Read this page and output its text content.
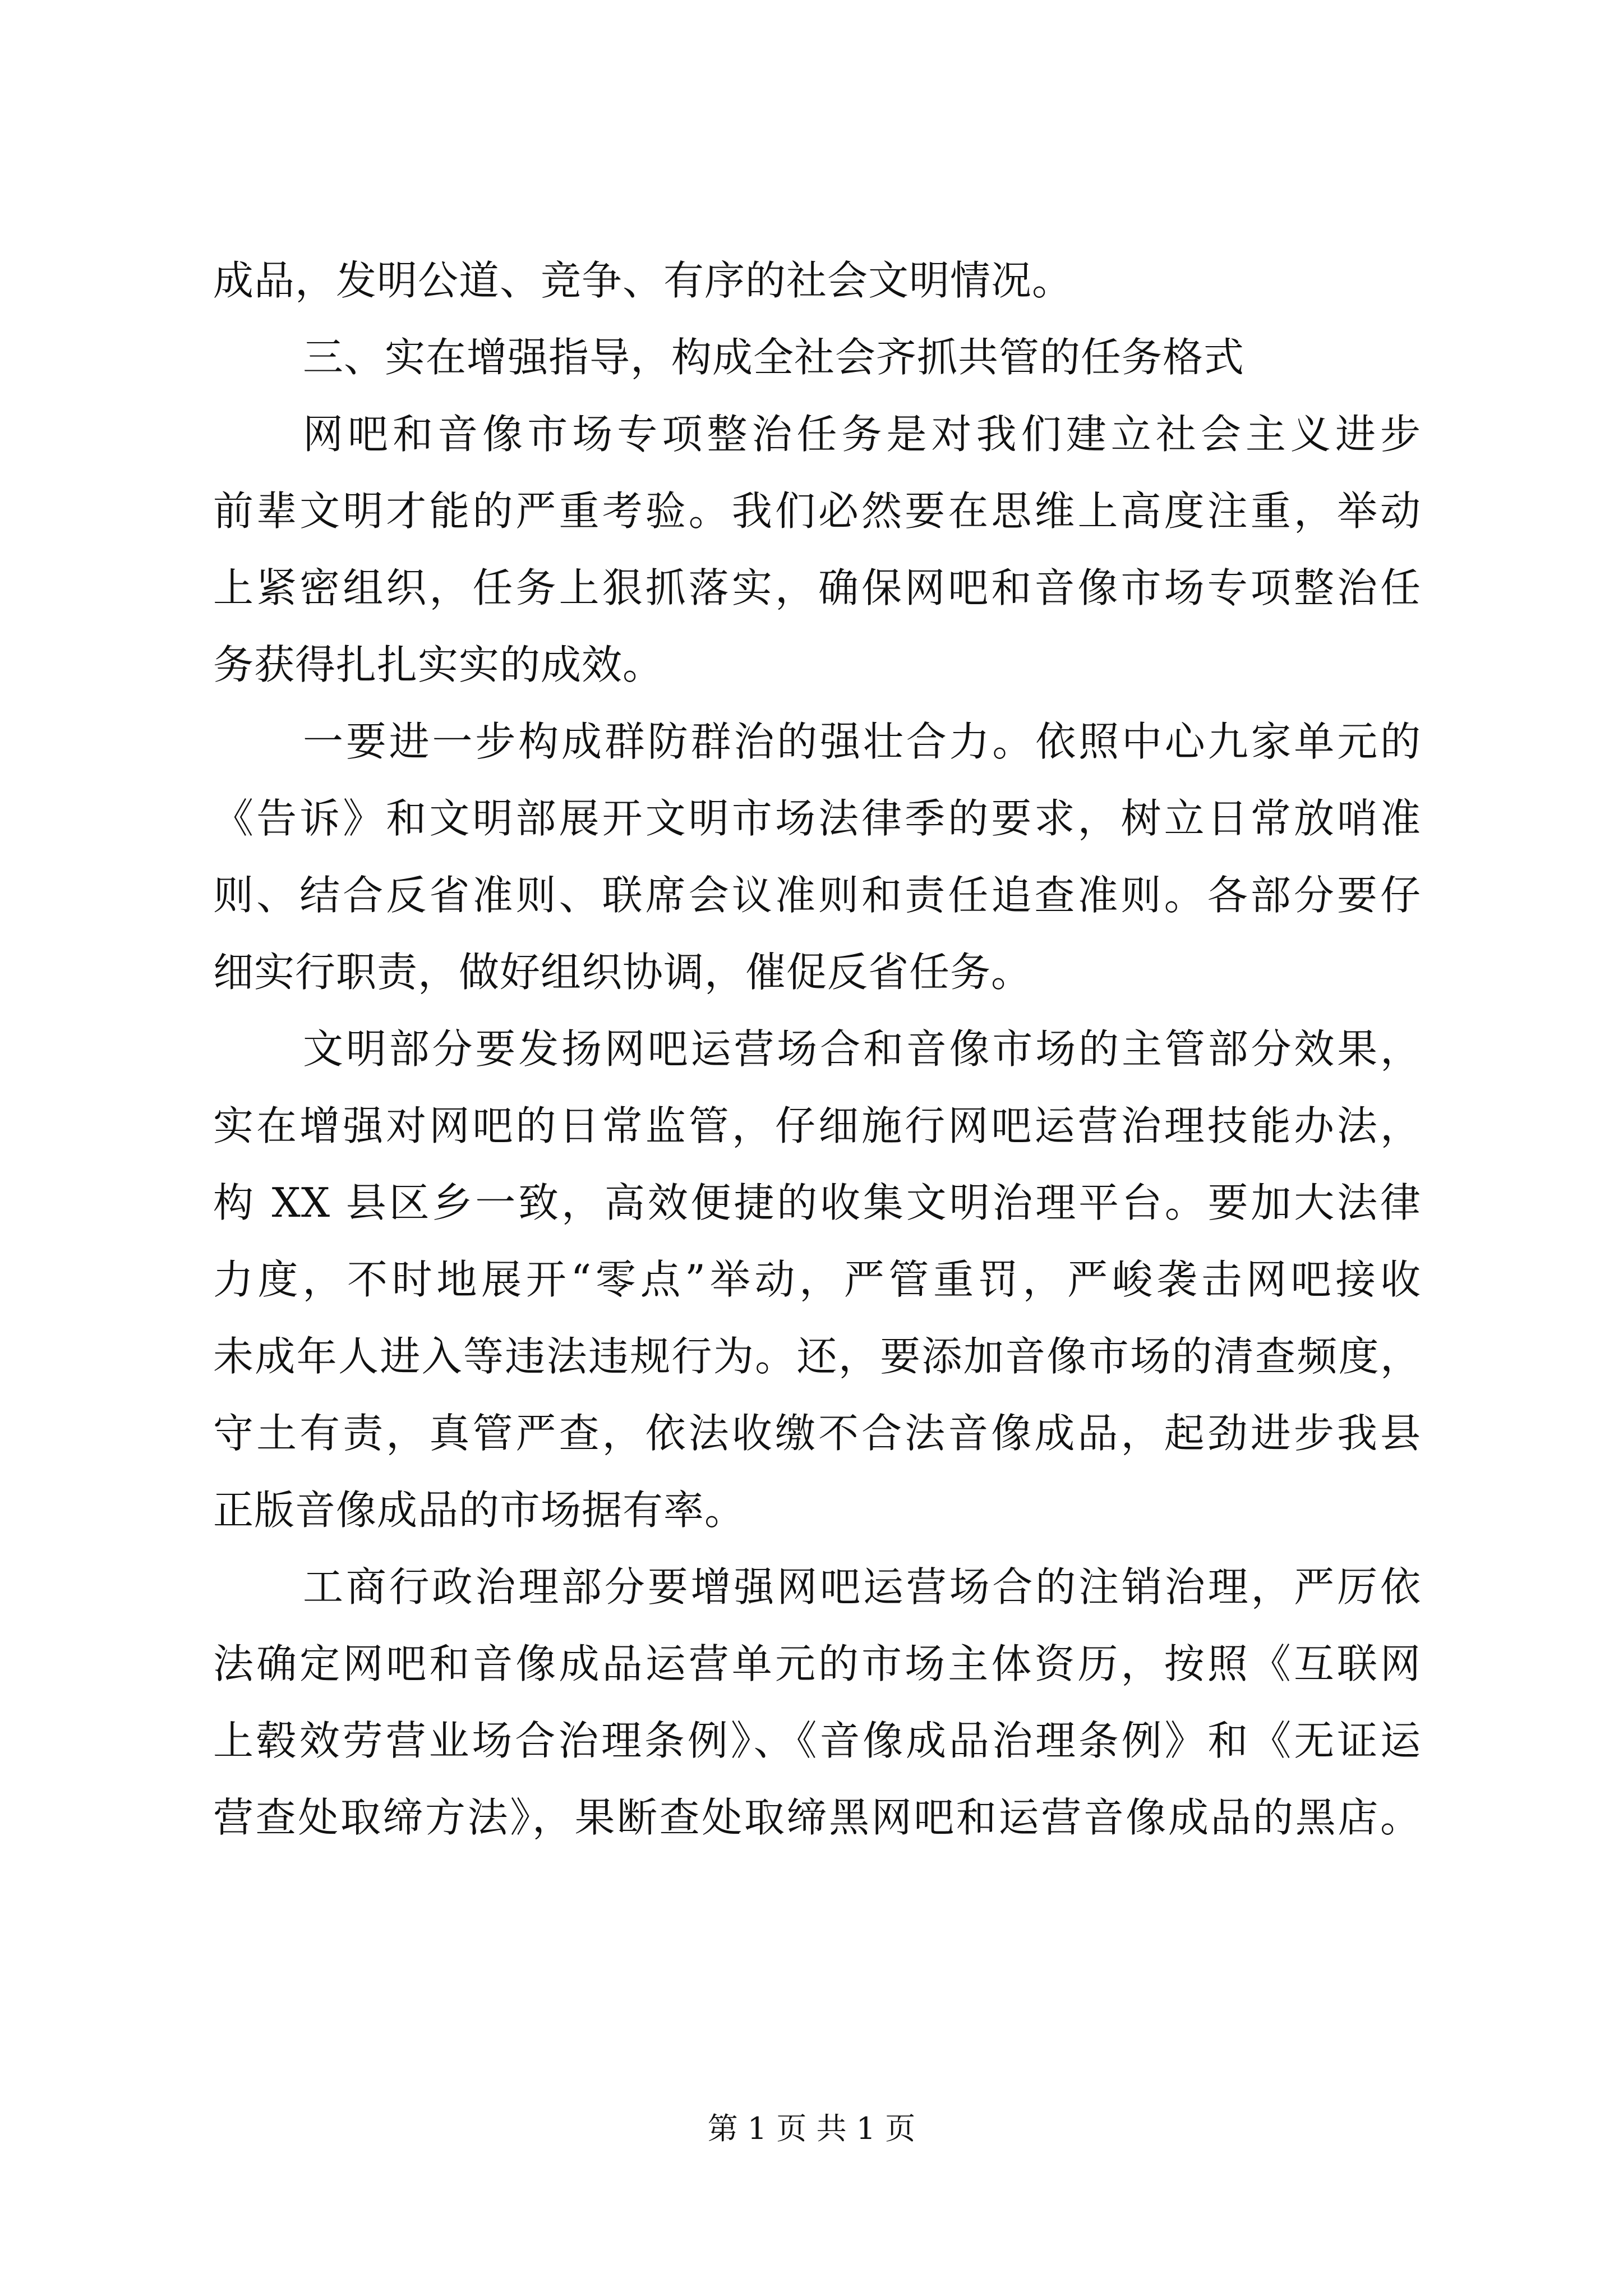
成品，发明公道、竞争、有序的社会文明情况。
三、实在增强指导，构成全社会齐抓共管的任务格式
网吧和音像市场专项整治任务是对我们建立社会主义进步
前辈文明才能的严重考验。我们必然要在思维上高度注重，举动
上紧密组织，任务上狠抓落实，确保网吧和音像市场专项整治任
务获得扎扎实实的成效。
一要进一步构成群防群治的强壮合力。依照中心九家单元的
《告诉》和文明部展开文明市场法律季的要求，树立日常放哨准
则、结合反省准则、联席会议准则和责任追查准则。各部分要仔
细实行职责，做好组织协调，催促反省任务。
文明部分要发扬网吧运营场合和音像市场的主管部分效果，
实在增强对网吧的日常监管，仔细施行网吧运营治理技能办法，
构 XX 县区乡一致，高效便捷的收集文明治理平台。要加大法律
力度，不时地展开“零点”举动，严管重罚，严峻袭击网吧接收
未成年人进入等违法违规行为。还，要添加音像市场的清查频度，
守土有责，真管严查，依法收缴不合法音像成品，起劲进步我县
正版音像成品的市场据有率。
工商行政治理部分要增强网吧运营场合的注销治理，严厉依
法确定网吧和音像成品运营单元的市场主体资历，按照《互联网
上毂效劳营业场合治理条例》、《音像成品治理条例》和《无证运
营查处取缔方法》，果断查处取缔黑网吧和运营音像成品的黑店。
第 1 页 共 1 页
